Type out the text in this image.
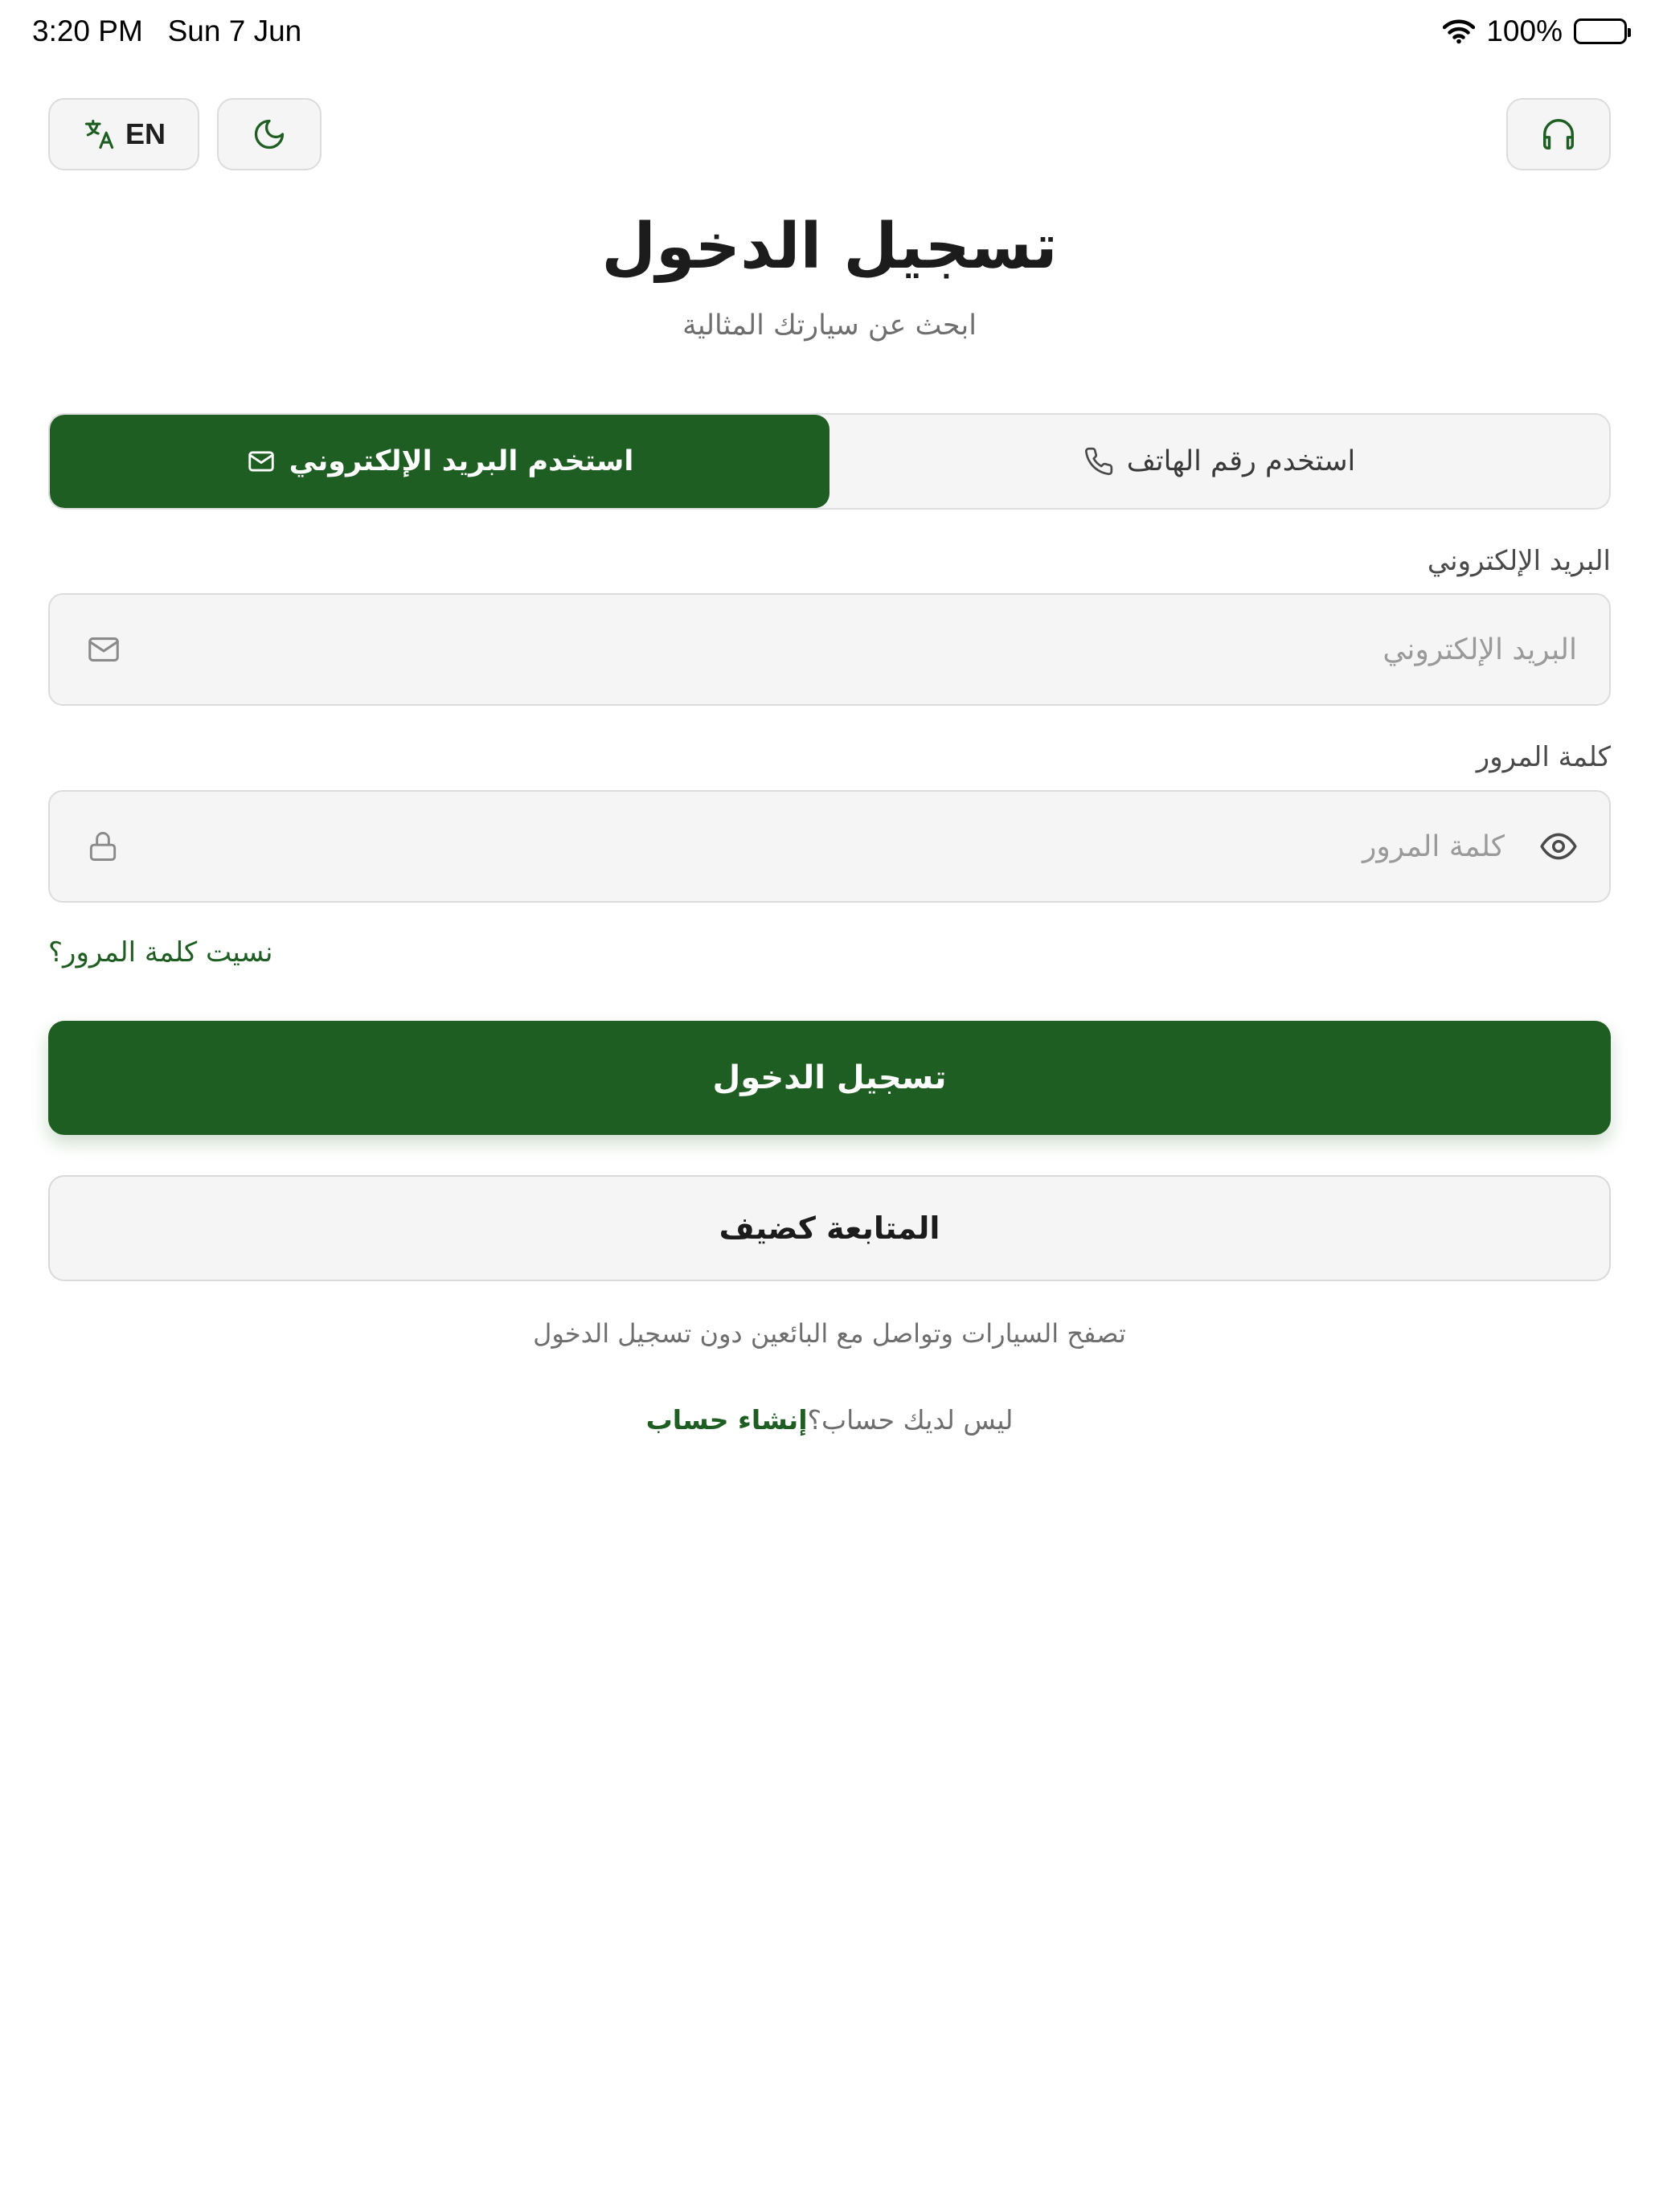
3:20 PM   Sun 7 Jun	100%
EN
تسجيل الدخول
ابحث عن سيارتك المثالية
استخدم البريد الإلكتروني	استخدم رقم الهاتف
البريد الإلكتروني
البريد الإلكتروني
كلمة المرور
نسيت كلمة المرور؟
تسجيل الدخول
المتابعة كضيف
تصفح السيارات وتواصل مع البائعين دون تسجيل الدخول
ليس لديك حساب؟إنشاء حساب
